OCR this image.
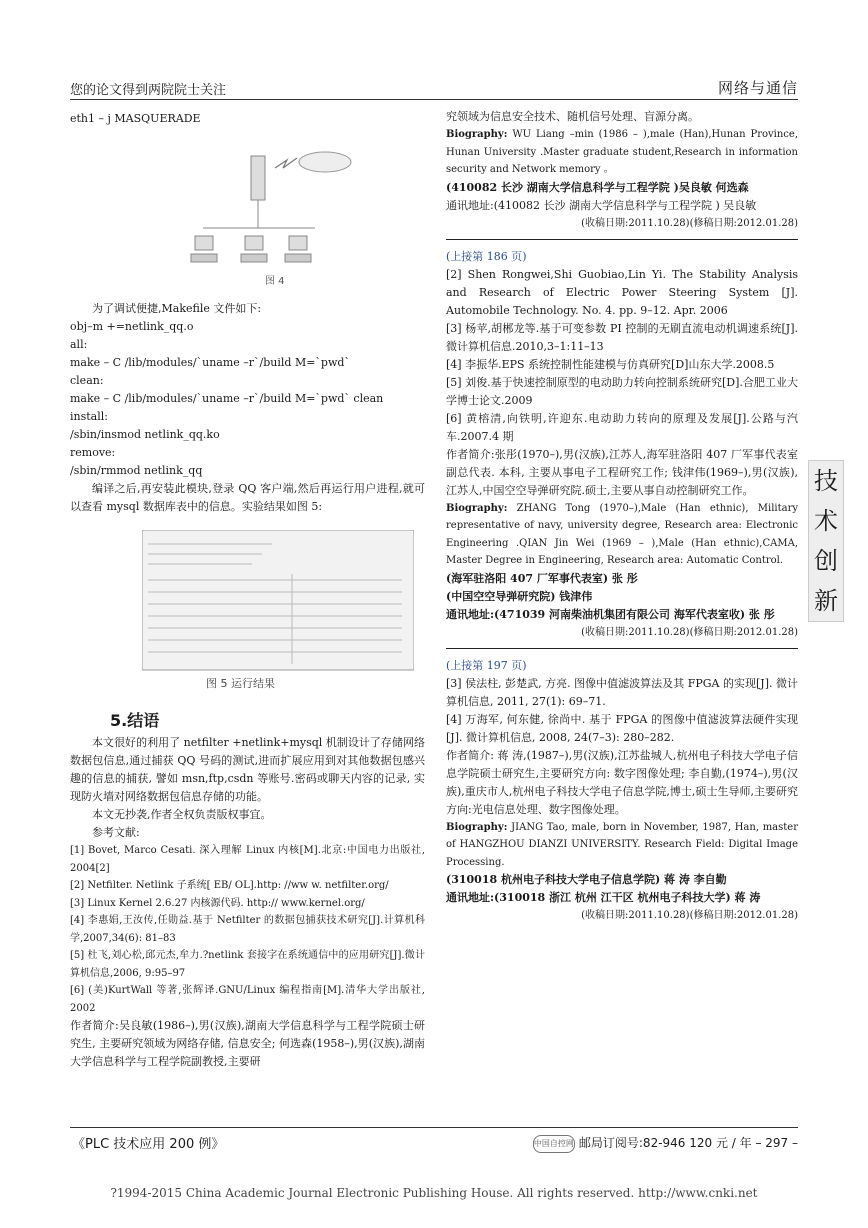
您的论文得到两院院士关注	网络与通信

eth1 – j MASQUERADE

图 4

为了调试便捷,Makefile 文件如下:

obj–m +=netlink_qq.o

all:

make – C /lib/modules/`uname –r`/build M=`pwd`

clean:

make – C /lib/modules/`uname –r`/build M=`pwd` clean

install:

/sbin/insmod netlink_qq.ko

remove:

/sbin/rmmod netlink_qq

编译之后,再安装此模块,登录 QQ 客户端,然后再运行用户进程,就可以查看 mysql 数据库表中的信息。实验结果如图 5:

图 5 运行结果
5.结语

本文很好的利用了 netfilter +netlink+mysql 机制设计了存储网络数据包信息,通过捕获 QQ 号码的测试,进而扩展应用到对其他数据包感兴趣的信息的捕获, 譬如 msn,ftp,csdn 等账号.密码或聊天内容的记录, 实现防火墙对网络数据包信息存储的功能。

本文无抄袭,作者全权负责版权事宜。

参考文献:

[1] Bovet, Marco Cesati. 深入理解 Linux 内核[M].北京:中国电力出版社, 2004[2]

[2] Netfilter. Netlink 子系统[ EB/ OL].http: //ww w. netfilter.org/

[3] Linux Kernel 2.6.27 内核源代码. http:// www.kernel.org/

[4] 李惠娟,王汝传,任勋益.基于 Netfilter 的数据包捕获技术研究[J].计算机科学,2007,34(6): 81–83

[5] 杜飞,刘心松,邱元杰,牟力.?netlink 套接字在系统通信中的应用研究[J].微计算机信息,2006, 9:95–97

[6] (美)KurtWall 等著,张辉译.GNU/Linux 编程指南[M].清华大学出版社, 2002

作者简介:吴良敏(1986–),男(汉族),湖南大学信息科学与工程学院硕士研究生, 主要研究领域为网络存储, 信息安全; 何选森(1958–),男(汉族),湖南大学信息科学与工程学院副教授,主要研

究领域为信息安全技术、随机信号处理、盲源分离。

Biography: WU Liang –min (1986 – ),male (Han),Hunan Province, Hunan University .Master graduate student,Research in information security and Network memory 。

(410082 长沙 湖南大学信息科学与工程学院 )吴良敏 何选森

通讯地址:(410082 长沙 湖南大学信息科学与工程学院 ) 吴良敏

(收稿日期:2011.10.28)(修稿日期:2012.01.28)

(上接第 186 页)

[2] Shen Rongwei,Shi Guobiao,Lin Yi. The Stability Analysis and Research of Electric Power Steering System [J]. Automobile Technology. No. 4. pp. 9–12. Apr. 2006

[3] 杨苹,胡郴龙等.基于可变参数 PI 控制的无刷直流电动机调速系统[J].微计算机信息.2010,3–1:11–13

[4] 李振华.EPS 系统控制性能建模与仿真研究[D]山东大学.2008.5

[5] 刘俊.基于快速控制原型的电动助力转向控制系统研究[D].合肥工业大学博士论文.2009

[6] 黄榕清,向铁明,许迎东.电动助力转向的原理及发展[J].公路与汽车.2007.4 期

作者简介:张彤(1970–),男(汉族),江苏人,海军驻洛阳 407 厂军事代表室副总代表. 本科, 主要从事电子工程研究工作; 钱津伟(1969–),男(汉族),江苏人,中国空空导弹研究院.硕士,主要从事自动控制研究工作。

Biography: ZHANG Tong (1970–),Male (Han ethnic), Military representative of navy, university degree, Research area: Electronic Engineering .QIAN Jin Wei (1969 – ),Male (Han ethnic),CAMA, Master Degree in Engineering, Research area: Automatic Control.

(海军驻洛阳 407 厂军事代表室) 张 彤

(中国空空导弹研究院) 钱津伟

通讯地址:(471039 河南柴油机集团有限公司 海军代表室收) 张 彤

(收稿日期:2011.10.28)(修稿日期:2012.01.28)

(上接第 197 页)

[3] 侯法柱, 彭楚武, 方亮. 图像中值滤波算法及其 FPGA 的实现[J]. 微计算机信息, 2011, 27(1): 69–71.

[4] 万海军, 何东健, 徐尚中. 基于 FPGA 的图像中值滤波算法硬件实现[J]. 微计算机信息, 2008, 24(7–3): 280–282.

作者简介: 蒋 涛,(1987–),男(汉族),江苏盐城人,杭州电子科技大学电子信息学院硕士研究生,主要研究方向: 数字图像处理; 李自勤,(1974–),男(汉族),重庆市人,杭州电子科技大学电子信息学院,博士,硕士生导师,主要研究方向:光电信息处理、数字图像处理。

Biography: JIANG Tao, male, born in November, 1987, Han, master of HANGZHOU DIANZI UNIVERSITY. Research Field: Digital Image Processing.

(310018 杭州电子科技大学电子信息学院) 蒋 涛 李自勤

通讯地址:(310018 浙江 杭州 江干区 杭州电子科技大学) 蒋 涛

(收稿日期:2011.10.28)(修稿日期:2012.01.28)

技
术
创
新
《PLC 技术应用 200 例》	中国自控网 邮局订阅号:82-946 120 元 / 年 – 297 –
?1994-2015 China Academic Journal Electronic Publishing House. All rights reserved. http://www.cnki.net
